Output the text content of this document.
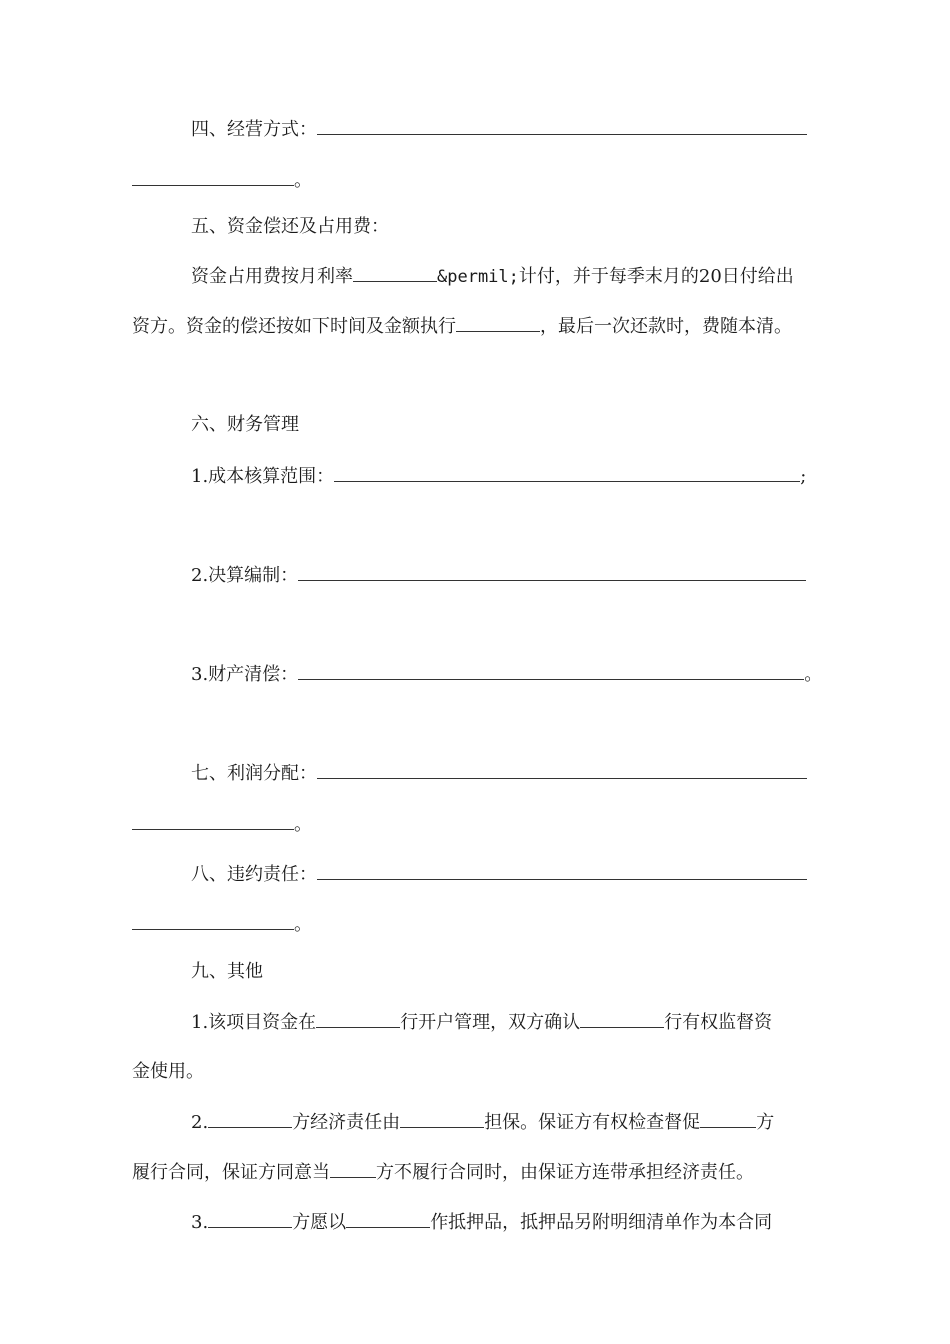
四、经营方式：
。
五、资金偿还及占用费：
资金占用费按月利率	&permil;计付，并于每季末月的20日付给出
资方。资金的偿还按如下时间及金额执行	，最后一次还款时，费随本清。
六、财务管理
1.成本核算范围：	;
2.决算编制：
3.财产清偿：	。
七、利润分配：
。
八、违约责任：
。
九、其他
1.该项目资金在	行开户管理，双方确认	行有权监督资
金使用。
2.	方经济责任由	担保。保证方有权检查督促	方
履行合同，保证方同意当	方不履行合同时，由保证方连带承担经济责任。
3.	方愿以	作抵押品，抵押品另附明细清单作为本合同
